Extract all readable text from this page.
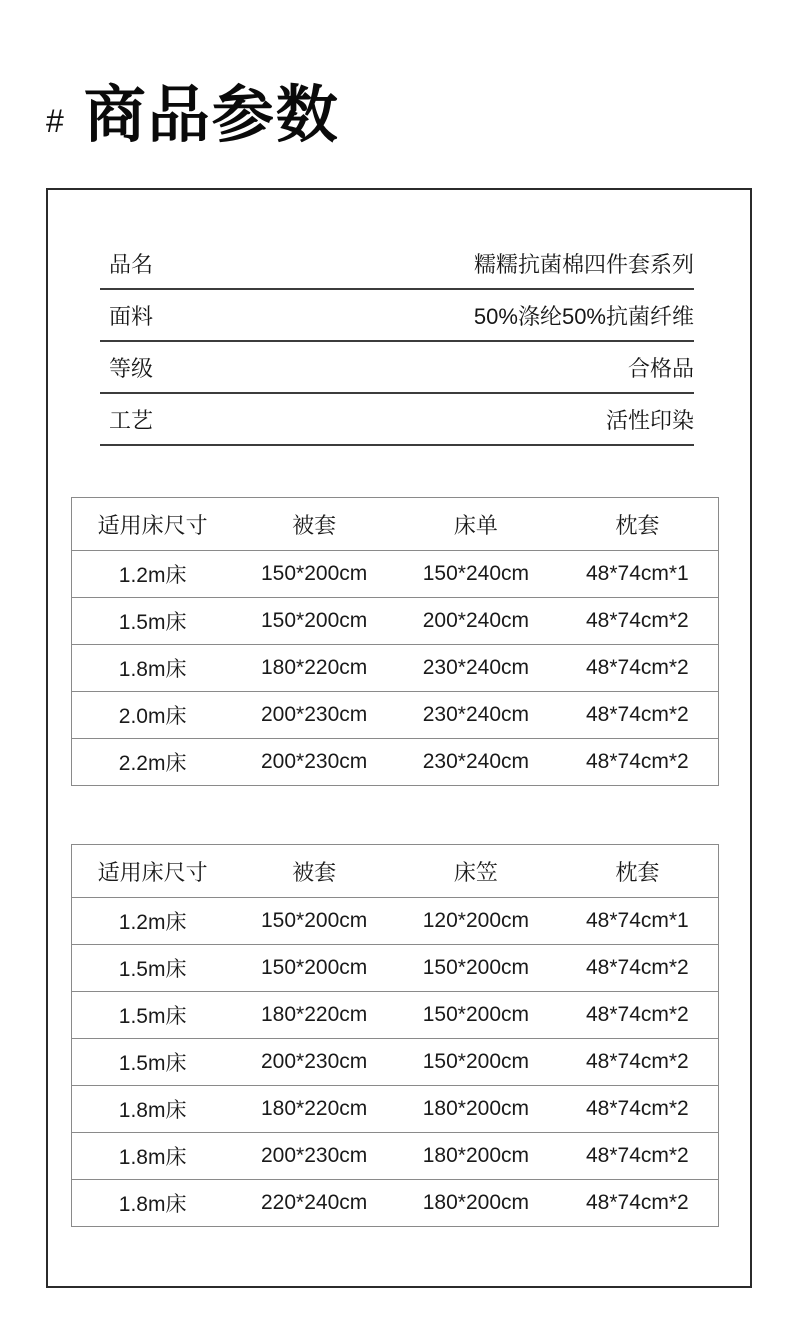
# 商品参数
品名	糯糯抗菌棉四件套系列
面料	50%涤纶50%抗菌纤维
等级	合格品
工艺	活性印染
适用床尺寸	被套	床单	枕套
1.2m床	150*200cm	150*240cm	48*74cm*1
1.5m床	150*200cm	200*240cm	48*74cm*2
1.8m床	180*220cm	230*240cm	48*74cm*2
2.0m床	200*230cm	230*240cm	48*74cm*2
2.2m床	200*230cm	230*240cm	48*74cm*2
适用床尺寸	被套	床笠	枕套
1.2m床	150*200cm	120*200cm	48*74cm*1
1.5m床	150*200cm	150*200cm	48*74cm*2
1.5m床	180*220cm	150*200cm	48*74cm*2
1.5m床	200*230cm	150*200cm	48*74cm*2
1.8m床	180*220cm	180*200cm	48*74cm*2
1.8m床	200*230cm	180*200cm	48*74cm*2
1.8m床	220*240cm	180*200cm	48*74cm*2
